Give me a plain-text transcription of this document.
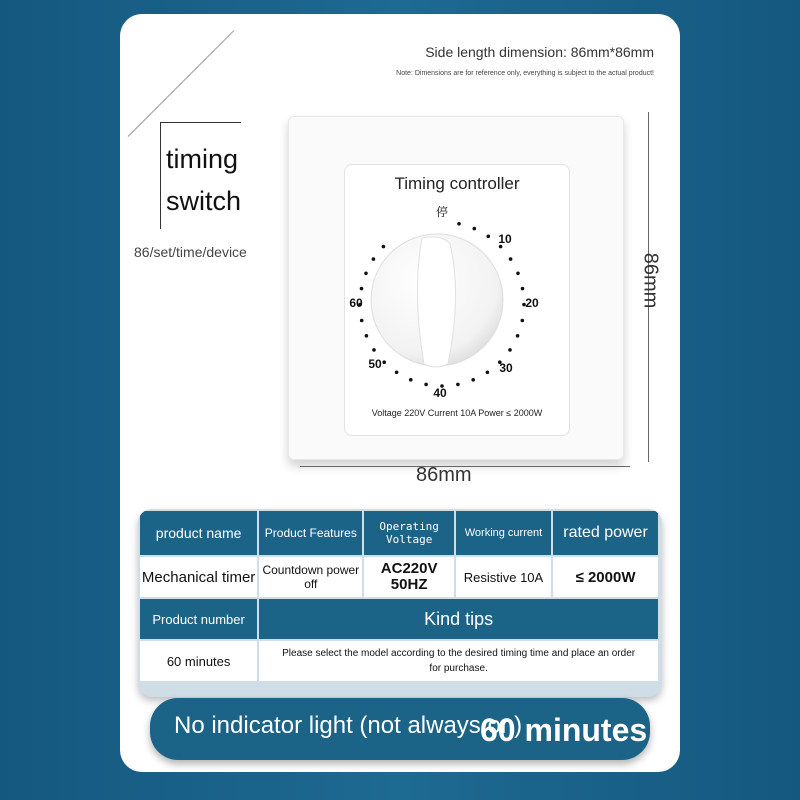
Side length dimension: 86mm*86mm
Note: Dimensions are for reference only, everything is subject to the actual product!
timing
switch
86/set/time/device
Timing controller
停
10
20
30
40
50
60
Voltage 220V Current 10A Power ≤ 2000W
86mm
86mm
product name	Product Features	Operating Voltage	Working current	rated power
Mechanical timer	Countdown power off	AC220V 50HZ	Resistive 10A	≤ 2000W
Product number	Kind tips			
60 minutes	Please select the model according to the desired timing time and place an order for purchase.			
No indicator light (not always on)
60 minutes
